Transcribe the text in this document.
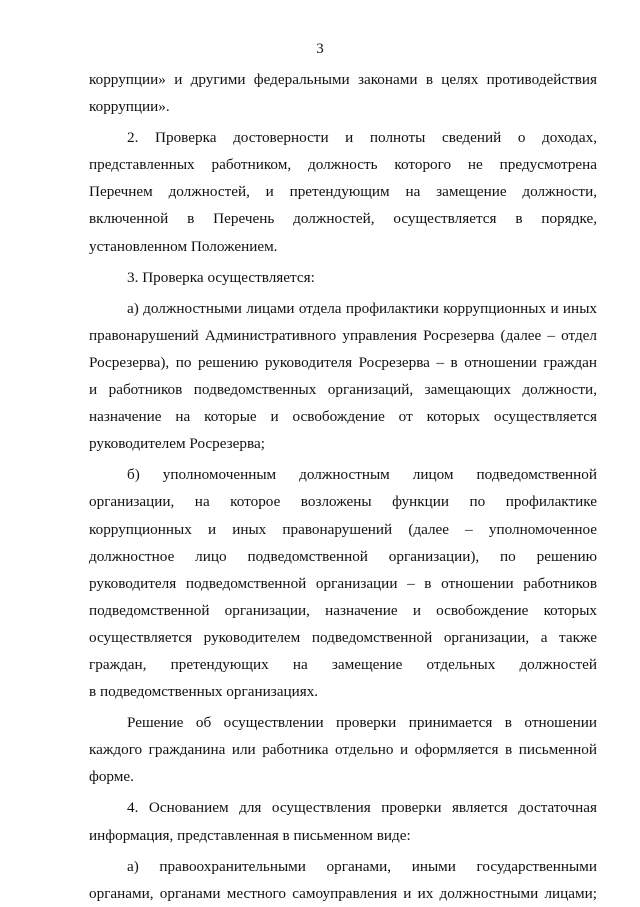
3
коррупции» и другими федеральными законами в целях противодействия
коррупции».
2. Проверка достоверности и полноты сведений о доходах,
представленных работником, должность которого не предусмотрена
Перечнем должностей, и претендующим на замещение должности,
включенной в Перечень должностей, осуществляется в порядке,
установленном Положением.
3. Проверка осуществляется:
а) должностными лицами отдела профилактики коррупционных и иных
правонарушений Административного управления Росрезерва (далее – отдел
Росрезерва), по решению руководителя Росрезерва – в отношении граждан
и работников подведомственных организаций, замещающих должности,
назначение на которые и освобождение от которых осуществляется
руководителем Росрезерва;
б) уполномоченным должностным лицом подведомственной
организации, на которое возложены функции по профилактике
коррупционных и иных правонарушений (далее – уполномоченное
должностное лицо подведомственной организации), по решению
руководителя подведомственной организации – в отношении работников
подведомственной организации, назначение и освобождение которых
осуществляется руководителем подведомственной организации, а также
граждан, претендующих на замещение отдельных должностей
в подведомственных организациях.
Решение об осуществлении проверки принимается в отношении
каждого гражданина или работника отдельно и оформляется в письменной
форме.
4. Основанием для осуществления проверки является достаточная
информация, представленная в письменном виде:
а) правоохранительными органами, иными государственными
органами, органами местного самоуправления и их должностными лицами;
